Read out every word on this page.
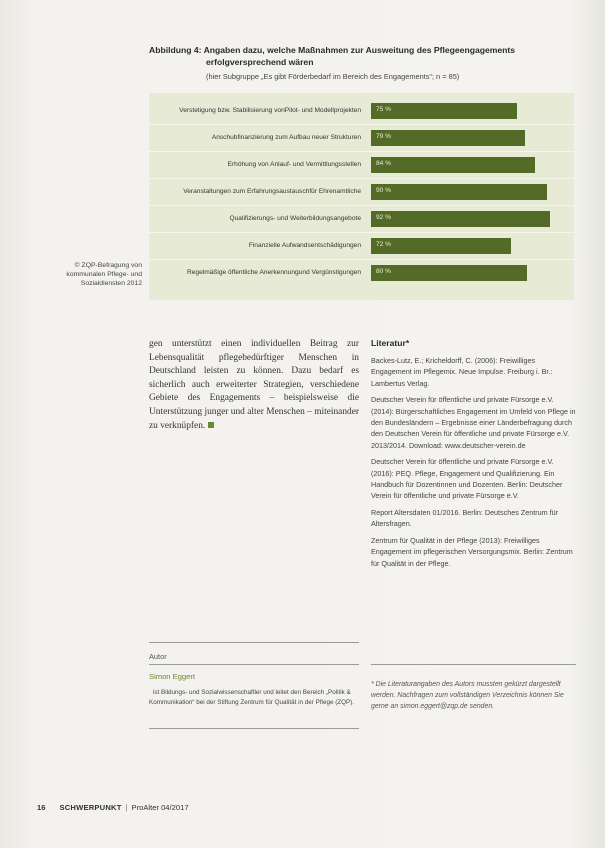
Abbildung 4: Angaben dazu, welche Maßnahmen zur Ausweitung des Pflegeengagements
erfolgversprechend wären
(hier Subgruppe „Es gibt Förderbedarf im Bereich des Engagements“; n = 85)
Verstetigung bzw. Stabilisierung von Pilot- und Modellprojekten 75 %
Anschubfinanzierung zum Aufbau neuer Strukturen 79 %
Erhöhung von Anlauf- und Vermittlungsstellen 84 %
Veranstaltungen zum Erfahrungsaustausch für Ehrenamtliche 90 %
Qualifizierungs- und Weiterbildungsangebote 92 %
Finanzielle Aufwandsentschädigungen 72 %
Regelmäßige öffentliche Anerkennung und Vergünstigungen 80 %
© ZQP-Befragung von kommunalen Pflege- und Sozialdiensten 2012
gen unterstützt einen individuellen Beitrag zur Lebensqualität pflegebedürftiger Menschen in Deutschland leisten zu können. Dazu bedarf es sicherlich auch erweiterter Strategien, verschiedene Gebiete des Engagements – beispielsweise die Unterstützung junger und alter Menschen – miteinander zu verknüpfen.
Literatur*

Backes-Lutz, E.; Kricheldorff, C. (2006): Freiwilliges Engagement im Pflegemix. Neue Impulse. Freiburg i. Br.: Lambertus Verlag.

Deutscher Verein für öffentliche und private Fürsorge e.V. (2014): Bürgerschaftliches Engagement im Umfeld von Pflege in den Bundesländern – Ergebnisse einer Länderbefragung durch den Deutschen Verein für öffentliche und private Fürsorge e.V. 2013/2014. Download: www.deutscher-verein.de

Deutscher Verein für öffentliche und private Fürsorge e.V. (2016): PEQ. Pflege, Engagement und Qualifizierung. Ein Handbuch für Dozentinnen und Dozenten. Berlin: Deutscher Verein für öffentliche und private Fürsorge e.V.

Report Altersdaten 01/2016. Berlin: Deutsches Zentrum für Altersfragen.

Zentrum für Qualität in der Pflege (2013): Freiwilliges Engagement im pflegerischen Versorgungsmix. Berlin: Zentrum für Qualität in der Pflege.

Autor
Simon Eggert
ist Bildungs- und Sozialwissenschaftler und leitet den Bereich „Politik & Kommunikation“ bei der Stiftung Zentrum für Qualität in der Pflege (ZQP).
* Die Literaturangaben des Autors mussten gekürzt dargestellt werden. Nachfragen zum vollständigen Verzeichnis können Sie gerne an simon.eggert@zqp.de senden.
16 SCHWERPUNKT | ProAlter 04/2017
